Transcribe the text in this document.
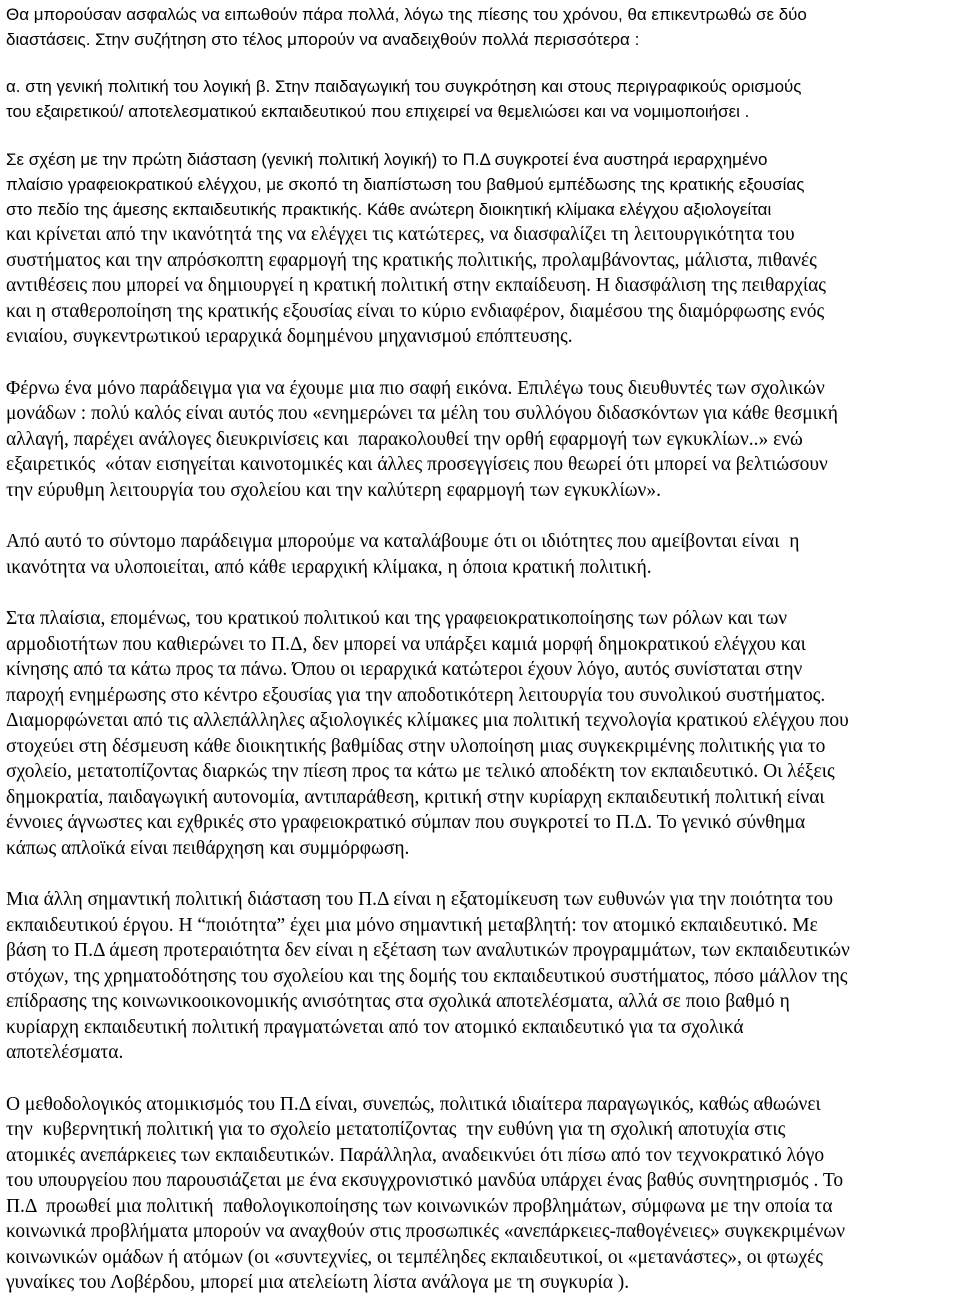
Θα μπορούσαν ασφαλώς να ειπωθούν πάρα πολλά, λόγω της πίεσης του χρόνου, θα επικεντρωθώ σε δύο
διαστάσεις. Στην συζήτηση στο τέλος μπορούν να αναδειχθούν πολλά περισσότερα :
α. στη γενική πολιτική του λογική β. Στην παιδαγωγική του συγκρότηση και στους περιγραφικούς ορισμούς
του εξαιρετικού/ αποτελεσματικού εκπαιδευτικού που επιχειρεί να θεμελιώσει και να νομιμοποιήσει .
Σε σχέση με την πρώτη διάσταση (γενική πολιτική λογική) το Π.Δ συγκροτεί ένα αυστηρά ιεραρχημένο
πλαίσιο γραφειοκρατικού ελέγχου, με σκοπό τη διαπίστωση του βαθμού εμπέδωσης της κρατικής εξουσίας
στο πεδίο της άμεσης εκπαιδευτικής πρακτικής. Κάθε ανώτερη διοικητική κλίμακα ελέγχου αξιολογείται
και κρίνεται από την ικανότητά της να ελέγχει τις κατώτερες, να διασφαλίζει τη λειτουργικότητα του
συστήματος και την απρόσκοπτη εφαρμογή της κρατικής πολιτικής, προλαμβάνοντας, μάλιστα, πιθανές
αντιθέσεις που μπορεί να δημιουργεί η κρατική πολιτική στην εκπαίδευση. Η διασφάλιση της πειθαρχίας
και η σταθεροποίηση της κρατικής εξουσίας είναι το κύριο ενδιαφέρον, διαμέσου της διαμόρφωσης ενός
ενιαίου, συγκεντρωτικού ιεραρχικά δομημένου μηχανισμού επόπτευσης.
Φέρνω ένα μόνο παράδειγμα για να έχουμε μια πιο σαφή εικόνα. Επιλέγω τους διευθυντές των σχολικών
μονάδων : πολύ καλός είναι αυτός που «ενημερώνει τα μέλη του συλλόγου διδασκόντων για κάθε θεσμική
αλλαγή, παρέχει ανάλογες διευκρινίσεις και  παρακολουθεί την ορθή εφαρμογή των εγκυκλίων..» ενώ
εξαιρετικός  «όταν εισηγείται καινοτομικές και άλλες προσεγγίσεις που θεωρεί ότι μπορεί να βελτιώσουν
την εύρυθμη λειτουργία του σχολείου και την καλύτερη εφαρμογή των εγκυκλίων».
Από αυτό το σύντομο παράδειγμα μπορούμε να καταλάβουμε ότι οι ιδιότητες που αμείβονται είναι  η
ικανότητα να υλοποιείται, από κάθε ιεραρχική κλίμακα, η όποια κρατική πολιτική.
Στα πλαίσια, επομένως, του κρατικού πολιτικού και της γραφειοκρατικοποίησης των ρόλων και των
αρμοδιοτήτων που καθιερώνει το Π.Δ, δεν μπορεί να υπάρξει καμιά μορφή δημοκρατικού ελέγχου και
κίνησης από τα κάτω προς τα πάνω. Όπου οι ιεραρχικά κατώτεροι έχουν λόγο, αυτός συνίσταται στην
παροχή ενημέρωσης στο κέντρο εξουσίας για την αποδοτικότερη λειτουργία του συνολικού συστήματος.
Διαμορφώνεται από τις αλλεπάλληλες αξιολογικές κλίμακες μια πολιτική τεχνολογία κρατικού ελέγχου που
στοχεύει στη δέσμευση κάθε διοικητικής βαθμίδας στην υλοποίηση μιας συγκεκριμένης πολιτικής για το
σχολείο, μετατοπίζοντας διαρκώς την πίεση προς τα κάτω με τελικό αποδέκτη τον εκπαιδευτικό. Οι λέξεις
δημοκρατία, παιδαγωγική αυτονομία, αντιπαράθεση, κριτική στην κυρίαρχη εκπαιδευτική πολιτική είναι
έννοιες άγνωστες και εχθρικές στο γραφειοκρατικό σύμπαν που συγκροτεί το Π.Δ. Το γενικό σύνθημα
κάπως απλοϊκά είναι πειθάρχηση και συμμόρφωση.
Μια άλλη σημαντική πολιτική διάσταση του Π.Δ είναι η εξατομίκευση των ευθυνών για την ποιότητα του
εκπαιδευτικού έργου. Η “ποιότητα” έχει μια μόνο σημαντική μεταβλητή: τον ατομικό εκπαιδευτικό. Με
βάση το Π.Δ άμεση προτεραιότητα δεν είναι η εξέταση των αναλυτικών προγραμμάτων, των εκπαιδευτικών
στόχων, της χρηματοδότησης του σχολείου και της δομής του εκπαιδευτικού συστήματος, πόσο μάλλον της
επίδρασης της κοινωνικοοικονομικής ανισότητας στα σχολικά αποτελέσματα, αλλά σε ποιο βαθμό η
κυρίαρχη εκπαιδευτική πολιτική πραγματώνεται από τον ατομικό εκπαιδευτικό για τα σχολικά
αποτελέσματα.
Ο μεθοδολογικός ατομικισμός του Π.Δ είναι, συνεπώς, πολιτικά ιδιαίτερα παραγωγικός, καθώς αθωώνει
την  κυβερνητική πολιτική για το σχολείο μετατοπίζοντας  την ευθύνη για τη σχολική αποτυχία στις
ατομικές ανεπάρκειες των εκπαιδευτικών. Παράλληλα, αναδεικνύει ότι πίσω από τον τεχνοκρατικό λόγο
του υπουργείου που παρουσιάζεται με ένα εκσυγχρονιστικό μανδύα υπάρχει ένας βαθύς συνητηρισμός . Το
Π.Δ  προωθεί μια πολιτική  παθολογικοποίησης των κοινωνικών προβλημάτων, σύμφωνα με την οποία τα
κοινωνικά προβλήματα μπορούν να αναχθούν στις προσωπικές «ανεπάρκειες-παθογένειες» συγκεκριμένων
κοινωνικών ομάδων ή ατόμων (οι «συντεχνίες, οι τεμπέληδες εκπαιδευτικοί, οι «μετανάστες», οι φτωχές
γυναίκες του Λοβέρδου, μπορεί μια ατελείωτη λίστα ανάλογα με τη συγκυρία ).
